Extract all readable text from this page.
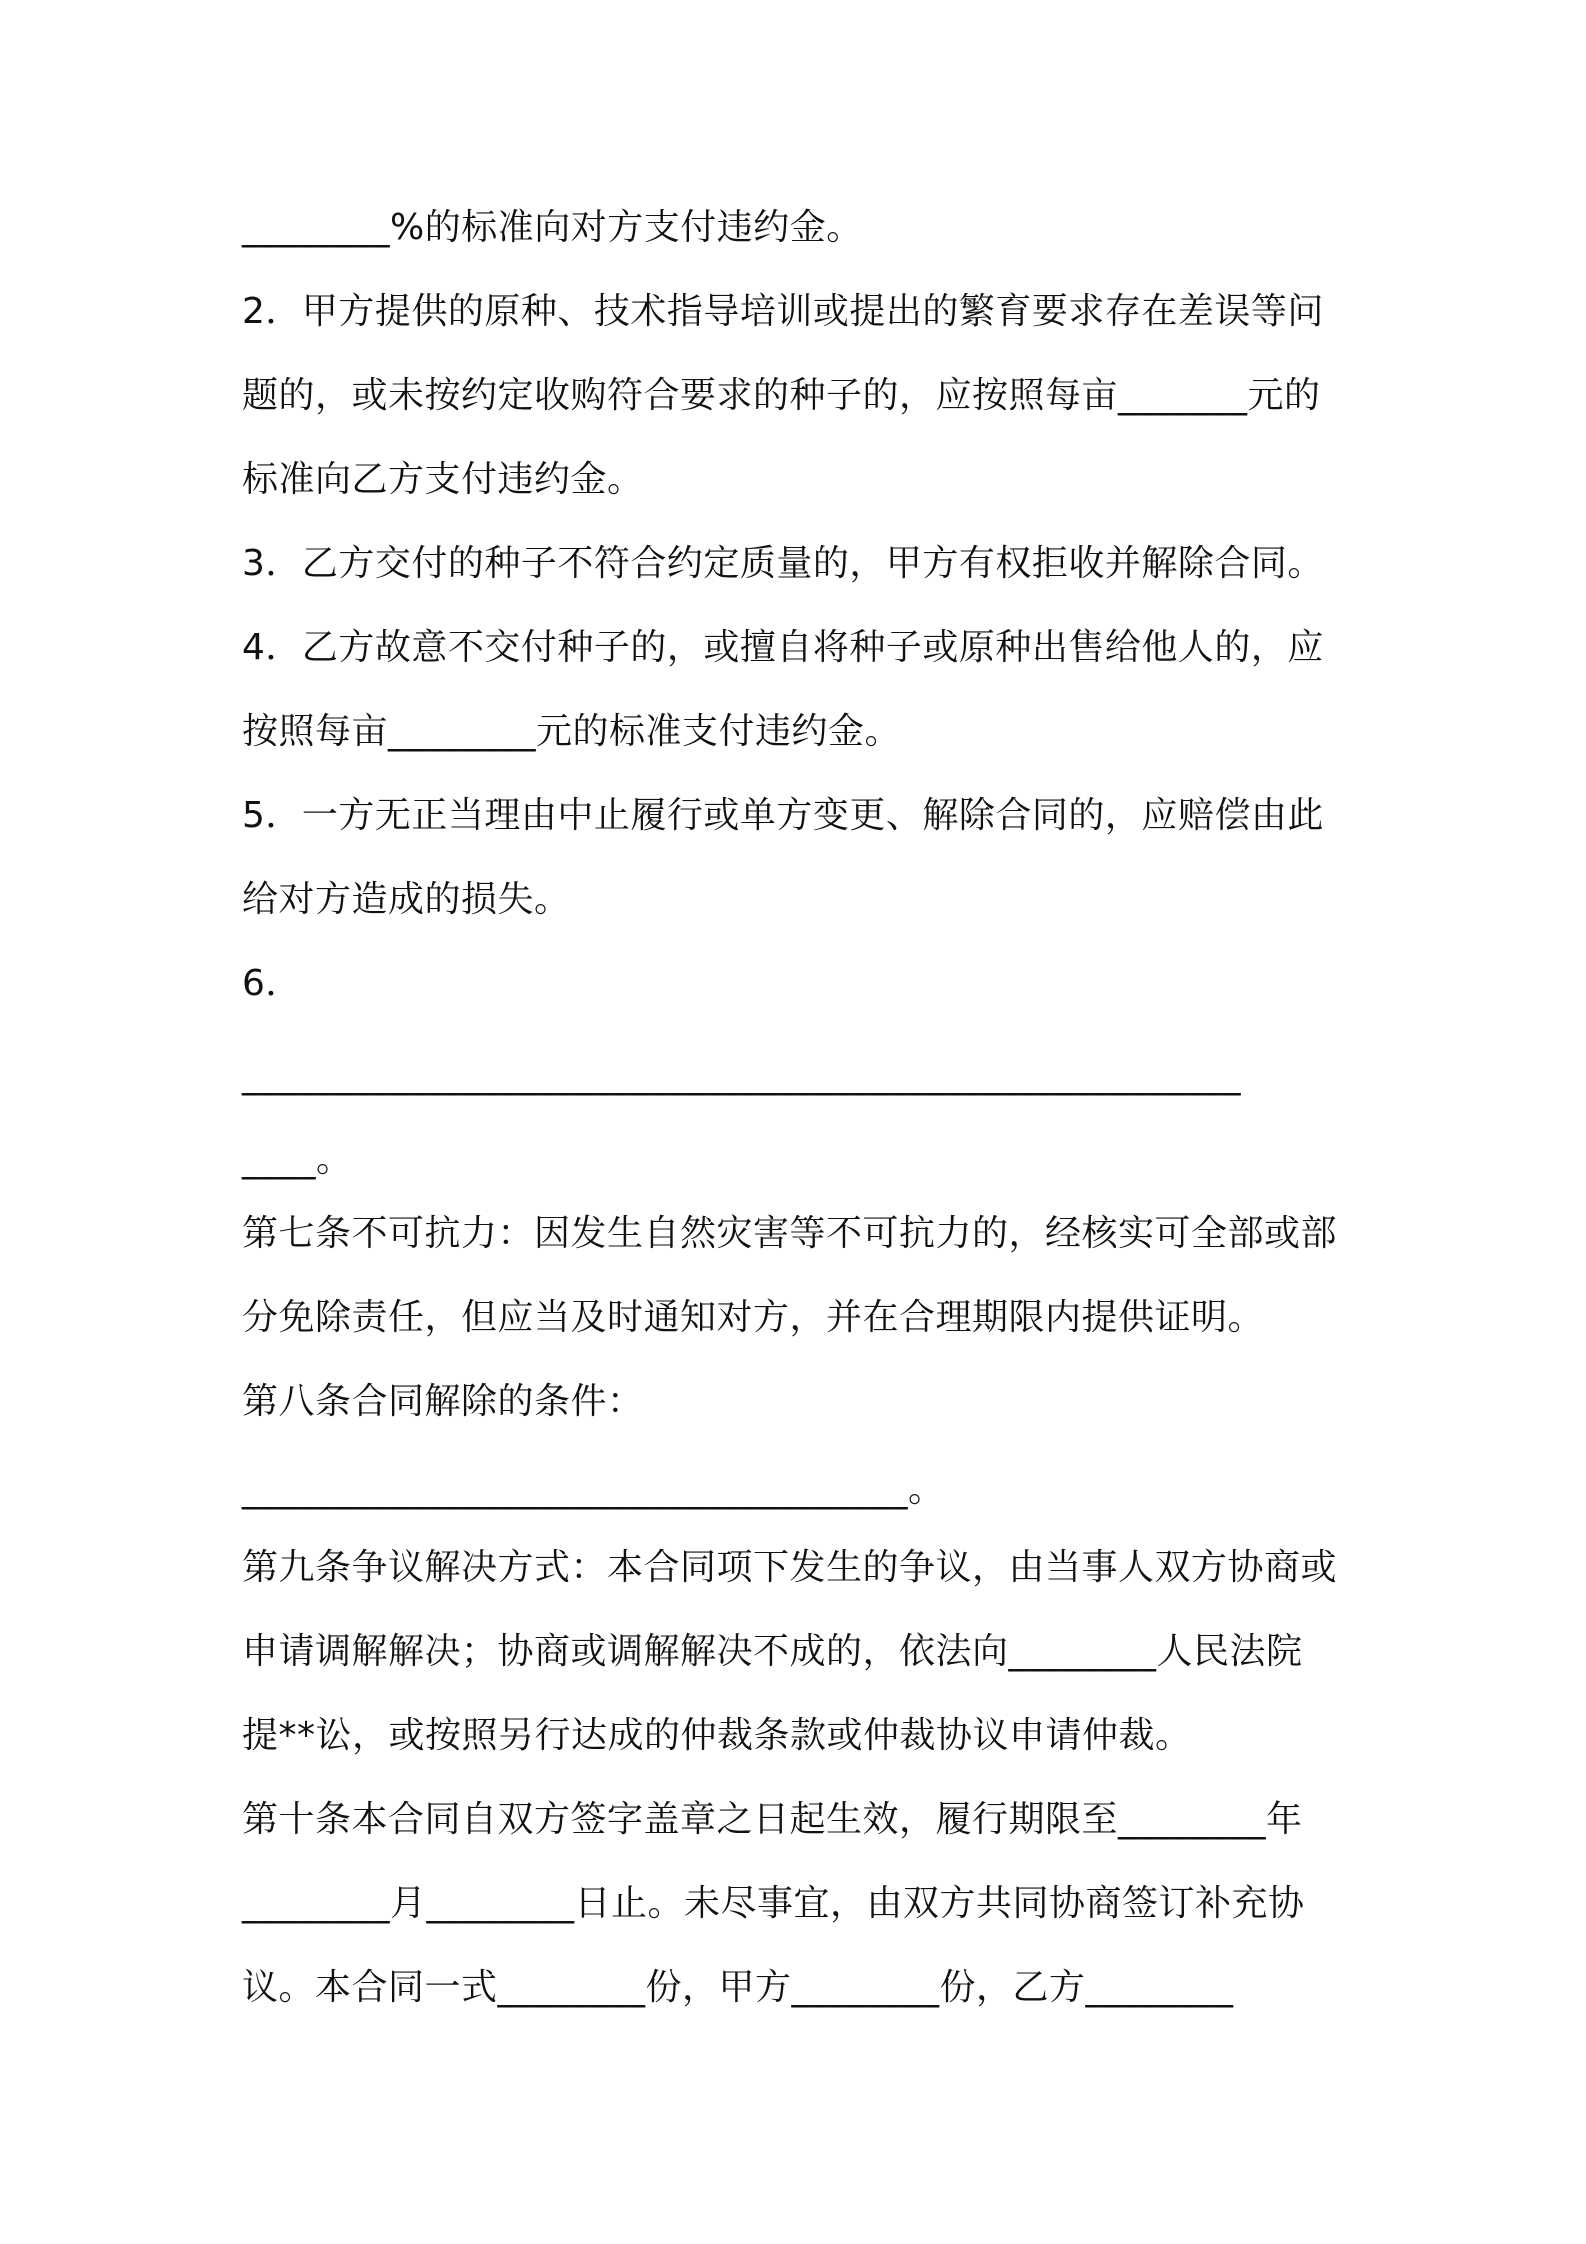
________%的标准向对方支付违约金。
2．甲方提供的原种、技术指导培训或提出的繁育要求存在差误等问
题的，或未按约定收购符合要求的种子的，应按照每亩_______元的
标准向乙方支付违约金。
3．乙方交付的种子不符合约定质量的，甲方有权拒收并解除合同。
4．乙方故意不交付种子的，或擅自将种子或原种出售给他人的，应
按照每亩________元的标准支付违约金。
5．一方无正当理由中止履行或单方变更、解除合同的，应赔偿由此
给对方造成的损失。
6．
______________________________________________________
____。
第七条不可抗力：因发生自然灾害等不可抗力的，经核实可全部或部
分免除责任，但应当及时通知对方，并在合理期限内提供证明。
第八条合同解除的条件：
____________________________________。
第九条争议解决方式：本合同项下发生的争议，由当事人双方协商或
申请调解解决；协商或调解解决不成的，依法向________人民法院
提**讼，或按照另行达成的仲裁条款或仲裁协议申请仲裁。
第十条本合同自双方签字盖章之日起生效，履行期限至________年
________月________日止。未尽事宜，由双方共同协商签订补充协
议。本合同一式________份，甲方________份，乙方________
